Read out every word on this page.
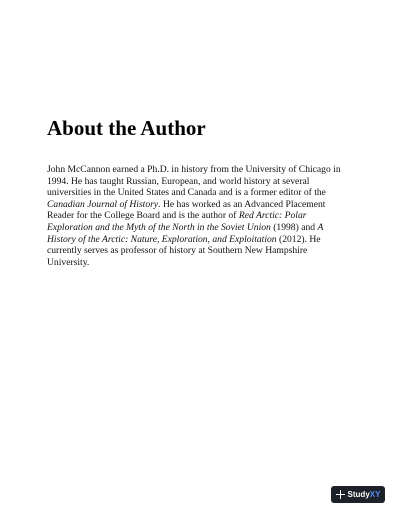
About the Author
John McCannon earned a Ph.D. in history from the University of Chicago in
1994. He has taught Russian, European, and world history at several
universities in the United States and Canada and is a former editor of the
Canadian Journal of History. He has worked as an Advanced Placement
Reader for the College Board and is the author of Red Arctic: Polar
Exploration and the Myth of the North in the Soviet Union (1998) and A
History of the Arctic: Nature, Exploration, and Exploitation (2012). He
currently serves as professor of history at Southern New Hampshire
University.
StudyXY
